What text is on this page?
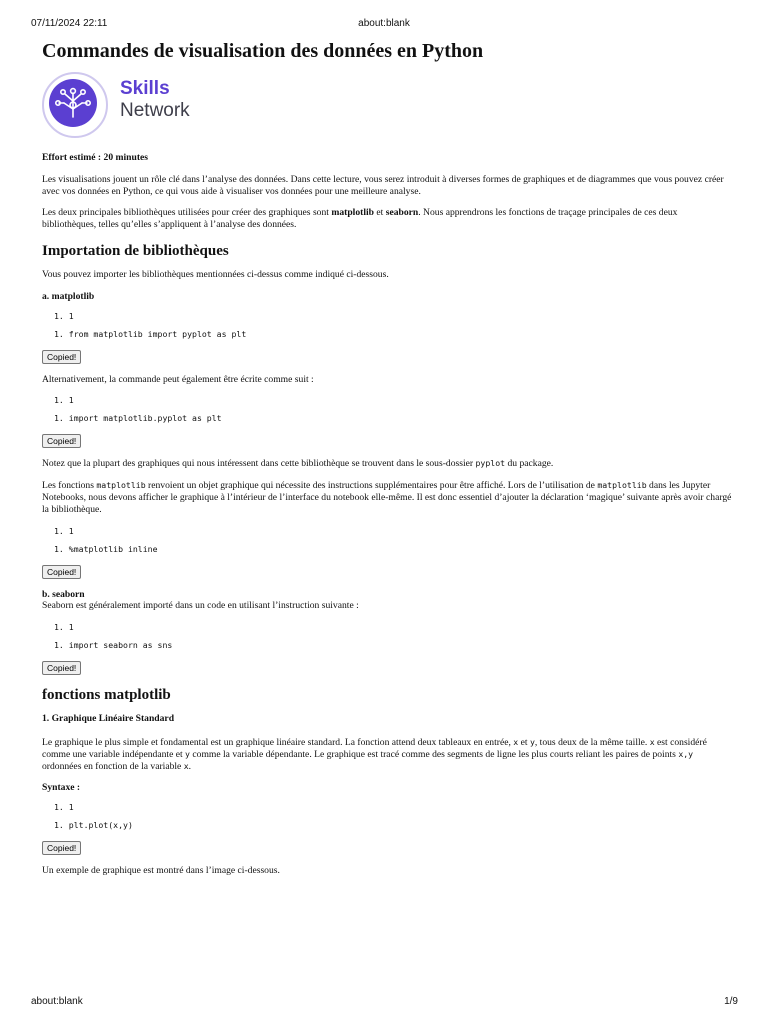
07/11/2024 22:11	about:blank
Commandes de visualisation des données en Python
Skills
Network

Effort estimé : 20 minutes

Les visualisations jouent un rôle clé dans l’analyse des données. Dans cette lecture, vous serez introduit à diverses formes de graphiques et de diagrammes que vous pouvez créer avec vos données en Python, ce qui vous aide à visualiser vos données pour une meilleure analyse.

Les deux principales bibliothèques utilisées pour créer des graphiques sont matplotlib et seaborn. Nous apprendrons les fonctions de traçage principales de ces deux bibliothèques, telles qu’elles s’appliquent à l’analyse des données.

Importation de bibliothèques

Vous pouvez importer les bibliothèques mentionnées ci-dessus comme indiqué ci-dessous.

a. matplotlib

1. 1
1. from matplotlib import pyplot as plt
Copied!

Alternativement, la commande peut également être écrite comme suit :

1. 1
1. import matplotlib.pyplot as plt
Copied!

Notez que la plupart des graphiques qui nous intéressent dans cette bibliothèque se trouvent dans le sous-dossier pyplot du package.

Les fonctions matplotlib renvoient un objet graphique qui nécessite des instructions supplémentaires pour être affiché. Lors de l’utilisation de matplotlib dans les Jupyter Notebooks, nous devons afficher le graphique à l’intérieur de l’interface du notebook elle-même. Il est donc essentiel d’ajouter la déclaration ‘magique’ suivante après avoir chargé la bibliothèque.

1. 1
1. %matplotlib inline
Copied!

b. seaborn

Seaborn est généralement importé dans un code en utilisant l’instruction suivante :

1. 1
1. import seaborn as sns
Copied!
fonctions matplotlib

1. Graphique Linéaire Standard

Le graphique le plus simple et fondamental est un graphique linéaire standard. La fonction attend deux tableaux en entrée, x et y, tous deux de la même taille. x est considéré comme une variable indépendante et y comme la variable dépendante. Le graphique est tracé comme des segments de ligne les plus courts reliant les paires de points x,y ordonnées en fonction de la variable x.

Syntaxe :

1. 1
1. plt.plot(x,y)
Copied!

Un exemple de graphique est montré dans l’image ci-dessous.

about:blank	1/9
